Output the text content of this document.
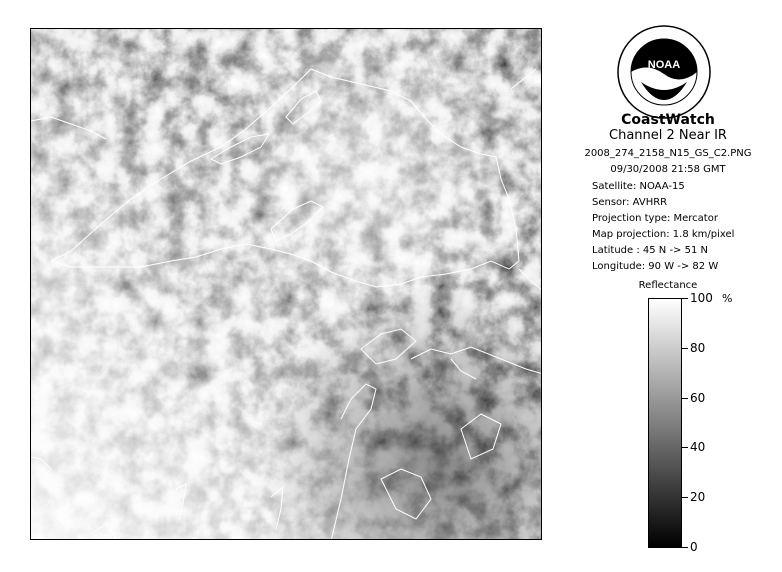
NOAA
CoastWatch
Channel 2 Near IR
2008_274_2158_N15_GS_C2.PNG
09/30/2008 21:58 GMT
Satellite: NOAA-15
Sensor: AVHRR
Projection type: Mercator
Map projection: 1.8 km/pixel
Latitude : 45 N -> 51 N
Longitude: 90 W -> 82 W
Reflectance
%
100
80
60
40
20
0
